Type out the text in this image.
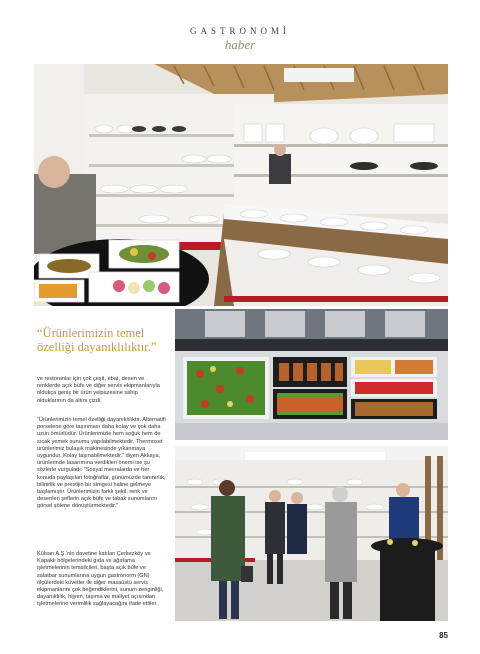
GASTRONOMİ
haber
“Ürünlerimizin temel özelliği dayanıklılıktır.”
ve restoranlar için çok çeşit, ebat, desen ve renklerde açık büfe ve diğer servis ekipmanlarıyla oldukça geniş bir ürün yelpazesine sahip olduklarının da altını çizdi.
“Ürünlerimizin temel özelliği dayanıklılıktır. Alternatifi porselene göre taşınması daha kolay ve çok daha uzun ömürlüdür. Ürünlerimizle hem soğuk hem de sıcak yemek sunumu yapılabilmektedir. Thermoset ürünlerimiz bulaşık makinesinde yıkanmaya uygundur. Kolay taşınabilmektedir.” diyen Akkaya, ürünlerinde tasarımına verdikleri önemi ise şu sözlerle vurguladı: “Sosyal mecralarda ve her konuda paylaşılan fotoğraflar, günümüzde tanınırlık, bilinirlik ve prestijin bir simgesi haline gelmeye başlamıştır. Ürünlerimizin farklı şekil, renk ve desenleri şeflerin açık büfe ve tabak sunumlarını görsel şölene dönüştürmektedir.”
Külsan A.Ş.'nin davetine katılan Çerkezköy ve Kapaklı bölgelerindeki gıda ve ağırlama işletmelerinin temsilcileri, başta açık büfe ve salatbar sunumlarına uygun gastronorm (GN) ölçülerdeki küvetler ile diğer masaüstü servis ekipmanlarını çok beğendiklerini, sunum zenginliği, dayanıklılık, hijyen, taşıma ve maliyet açısından işletmelerine verimlilik sağlayacağını ifade ettiler.
85
